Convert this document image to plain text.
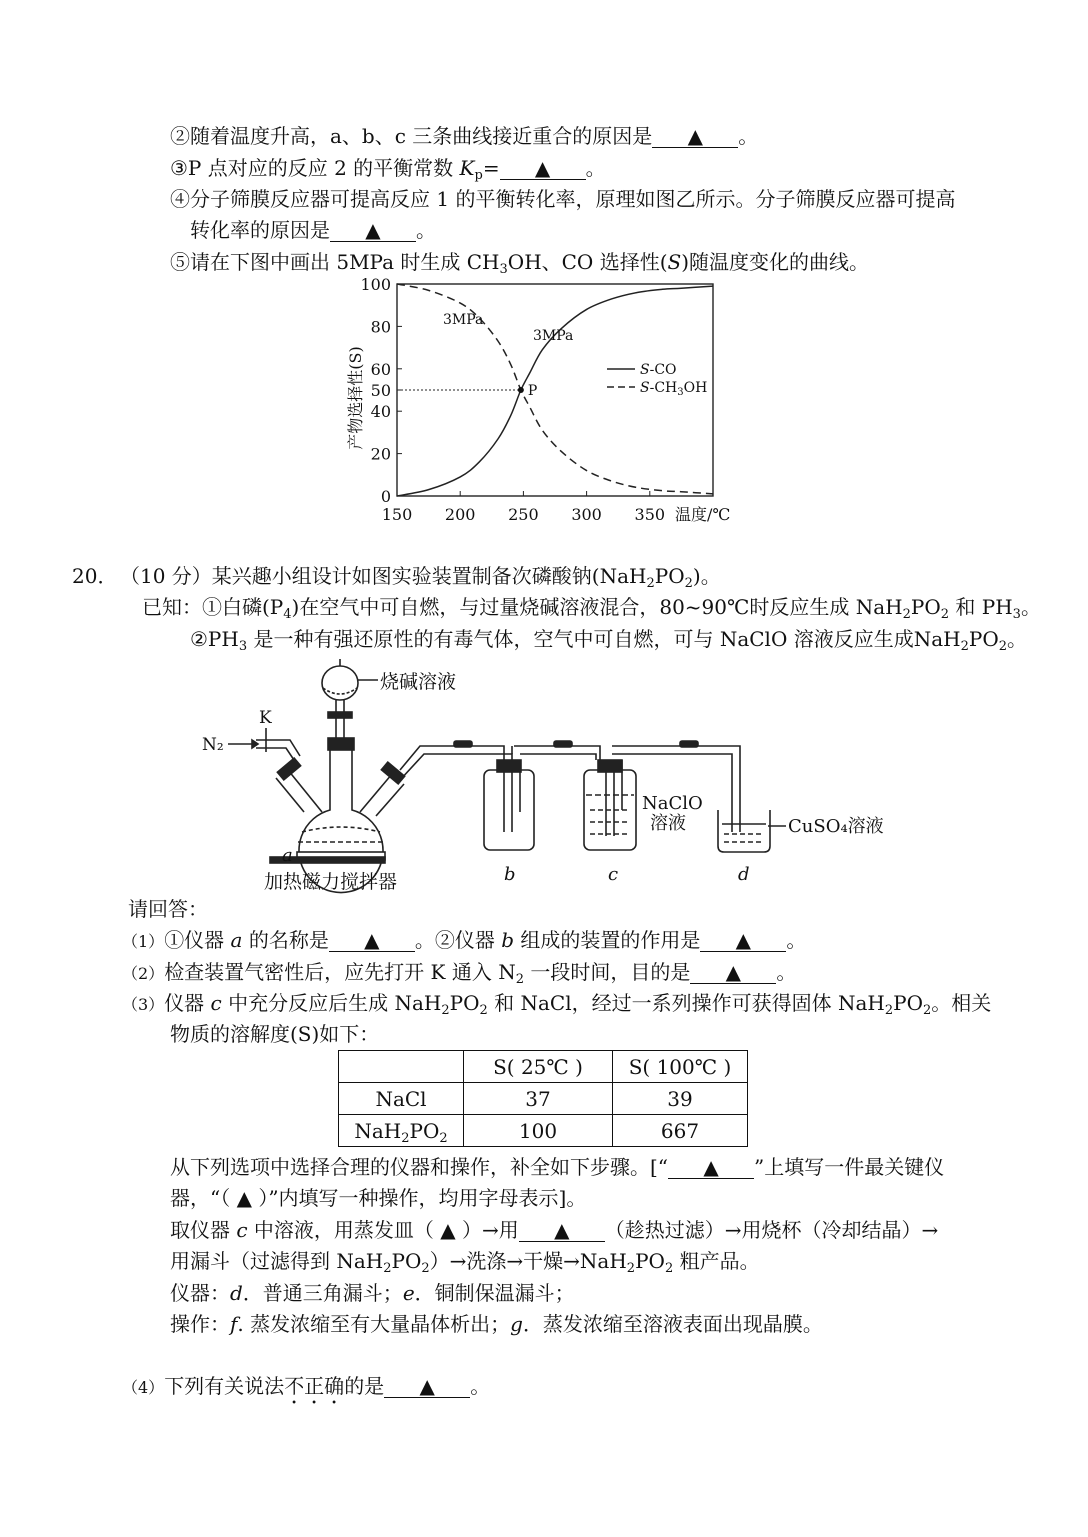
②随着温度升高，a、b、c 三条曲线接近重合的原因是 ▲ 。
③P 点对应的反应 2 的平衡常数 $K_p=$ ▲ 。
④分子筛膜反应器可提高反应 1 的平衡转化率，原理如图乙所示。分子筛膜反应器可提高
转化率的原因是 ▲ 。
⑤请在下图中画出 5MPa 时生成 $CH_3OH$、CO 选择性(S)随温度变化的曲线。
0
20
40
50
60
80
100
150 200 250 300 350 温度/℃
产物选择性(S)	P
3MPa
3MPa
S-CO
$S-CH_3OH$
20． （10 分）某兴趣小组设计如图实验装置制备次磷酸钠$(NaH_2PO_2)$。
已知：①白磷$(P_4)$在空气中可自燃，与过量烧碱溶液混合，80~90℃时反应生成 $NaH_2PO_2$ 和 $PH_3$。
$②PH_3$ 是一种有强还原性的有毒气体，空气中可自燃，可与 NaClO 溶液反应生成$NaH_2PO_2$。
烧碱溶液
N₂
K
NaClO
溶液	CuSO₄溶液
a
加热磁力搅拌器	b	c	d
请回答：
（1）①仪器 a 的名称是 ▲ 。②仪器 b 组成的装置的作用是 ▲ 。
（2）检查装置气密性后，应先打开 K 通入 $N_2$ 一段时间，目的是 ▲ 。
（3）仪器 c 中充分反应后生成 $NaH_2PO_2$ 和 NaCl，经过一系列操作可获得固体 $NaH_2PO_2$。相关
物质的溶解度(S)如下：
	S( 25℃ )	S( 100℃ )
NaCl	37	39
$NaH_2PO_2$	100	667
从下列选项中选择合理的仪器和操作，补全如下步骤。[“ ▲ ”上填写一件最关键仪
器，“（ ▲ ）”内填写一种操作，均用字母表示]。
取仪器 c 中溶液，用蒸发皿（ ▲ ）→用 ▲ （趁热过滤）→用烧杯（冷却结晶）→
用漏斗（过滤得到 $NaH_2PO_2)\to$洗涤→干燥$\to NaH_2PO_2$ 粗产品。
仪器：d．普通三角漏斗；e．铜制保温漏斗；
操作：f. 蒸发浓缩至有大量晶体析出；g．蒸发浓缩至溶液表面出现晶膜。
（4）下列有关说法不正确的是 ▲ 。
